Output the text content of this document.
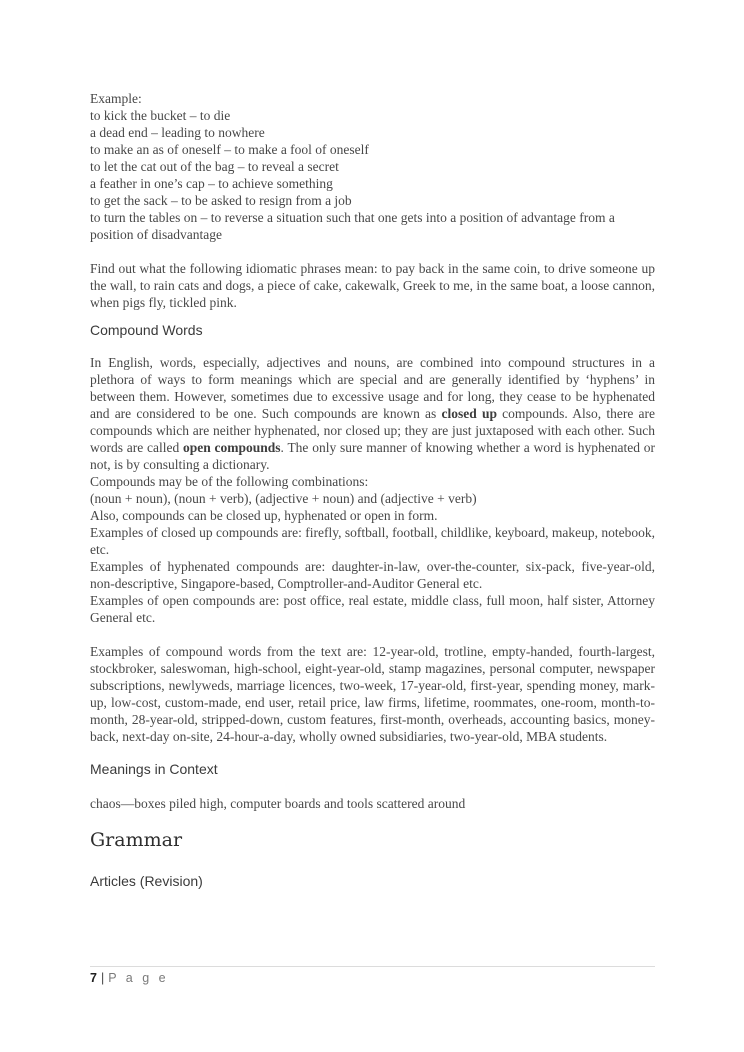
Example:
to kick the bucket – to die
a dead end – leading to nowhere
to make an as of oneself – to make a fool of oneself
to let the cat out of the bag – to reveal a secret
a feather in one’s cap – to achieve something
to get the sack – to be asked to resign from a job
to turn the tables on – to reverse a situation such that one gets into a position of advantage from a position of disadvantage
Find out what the following idiomatic phrases mean: to pay back in the same coin, to drive someone up the wall, to rain cats and dogs, a piece of cake, cakewalk, Greek to me, in the same boat, a loose cannon, when pigs fly, tickled pink.
Compound Words
In English, words, especially, adjectives and nouns, are combined into compound structures in a plethora of ways to form meanings which are special and are generally identified by ‘hyphens’ in between them. However, sometimes due to excessive usage and for long, they cease to be hyphenated and are considered to be one. Such compounds are known as closed up compounds. Also, there are compounds which are neither hyphenated, nor closed up; they are just juxtaposed with each other. Such words are called open compounds. The only sure manner of knowing whether a word is hyphenated or not, is by consulting a dictionary.
Compounds may be of the following combinations:
(noun + noun), (noun + verb), (adjective + noun) and (adjective + verb)
Also, compounds can be closed up, hyphenated or open in form.
Examples of closed up compounds are: firefly, softball, football, childlike, keyboard, makeup, notebook, etc.
Examples of hyphenated compounds are: daughter-in-law, over-the-counter, six-pack, five-year-old, non-descriptive, Singapore-based, Comptroller-and-Auditor General etc.
Examples of open compounds are: post office, real estate, middle class, full moon, half sister, Attorney General etc.
Examples of compound words from the text are: 12-year-old, trotline, empty-handed, fourth-largest, stockbroker, saleswoman, high-school, eight-year-old, stamp magazines, personal computer, newspaper subscriptions, newlyweds, marriage licences, two-week, 17-year-old, first-year, spending money, mark-up, low-cost, custom-made, end user, retail price, law firms, lifetime, roommates, one-room, month-to-month, 28-year-old, stripped-down, custom features, first-month, overheads, accounting basics, money-back, next-day on-site, 24-hour-a-day, wholly owned subsidiaries, two-year-old, MBA students.
Meanings in Context
chaos—boxes piled high, computer boards and tools scattered around
Grammar
Articles (Revision)
7 | P a g e
